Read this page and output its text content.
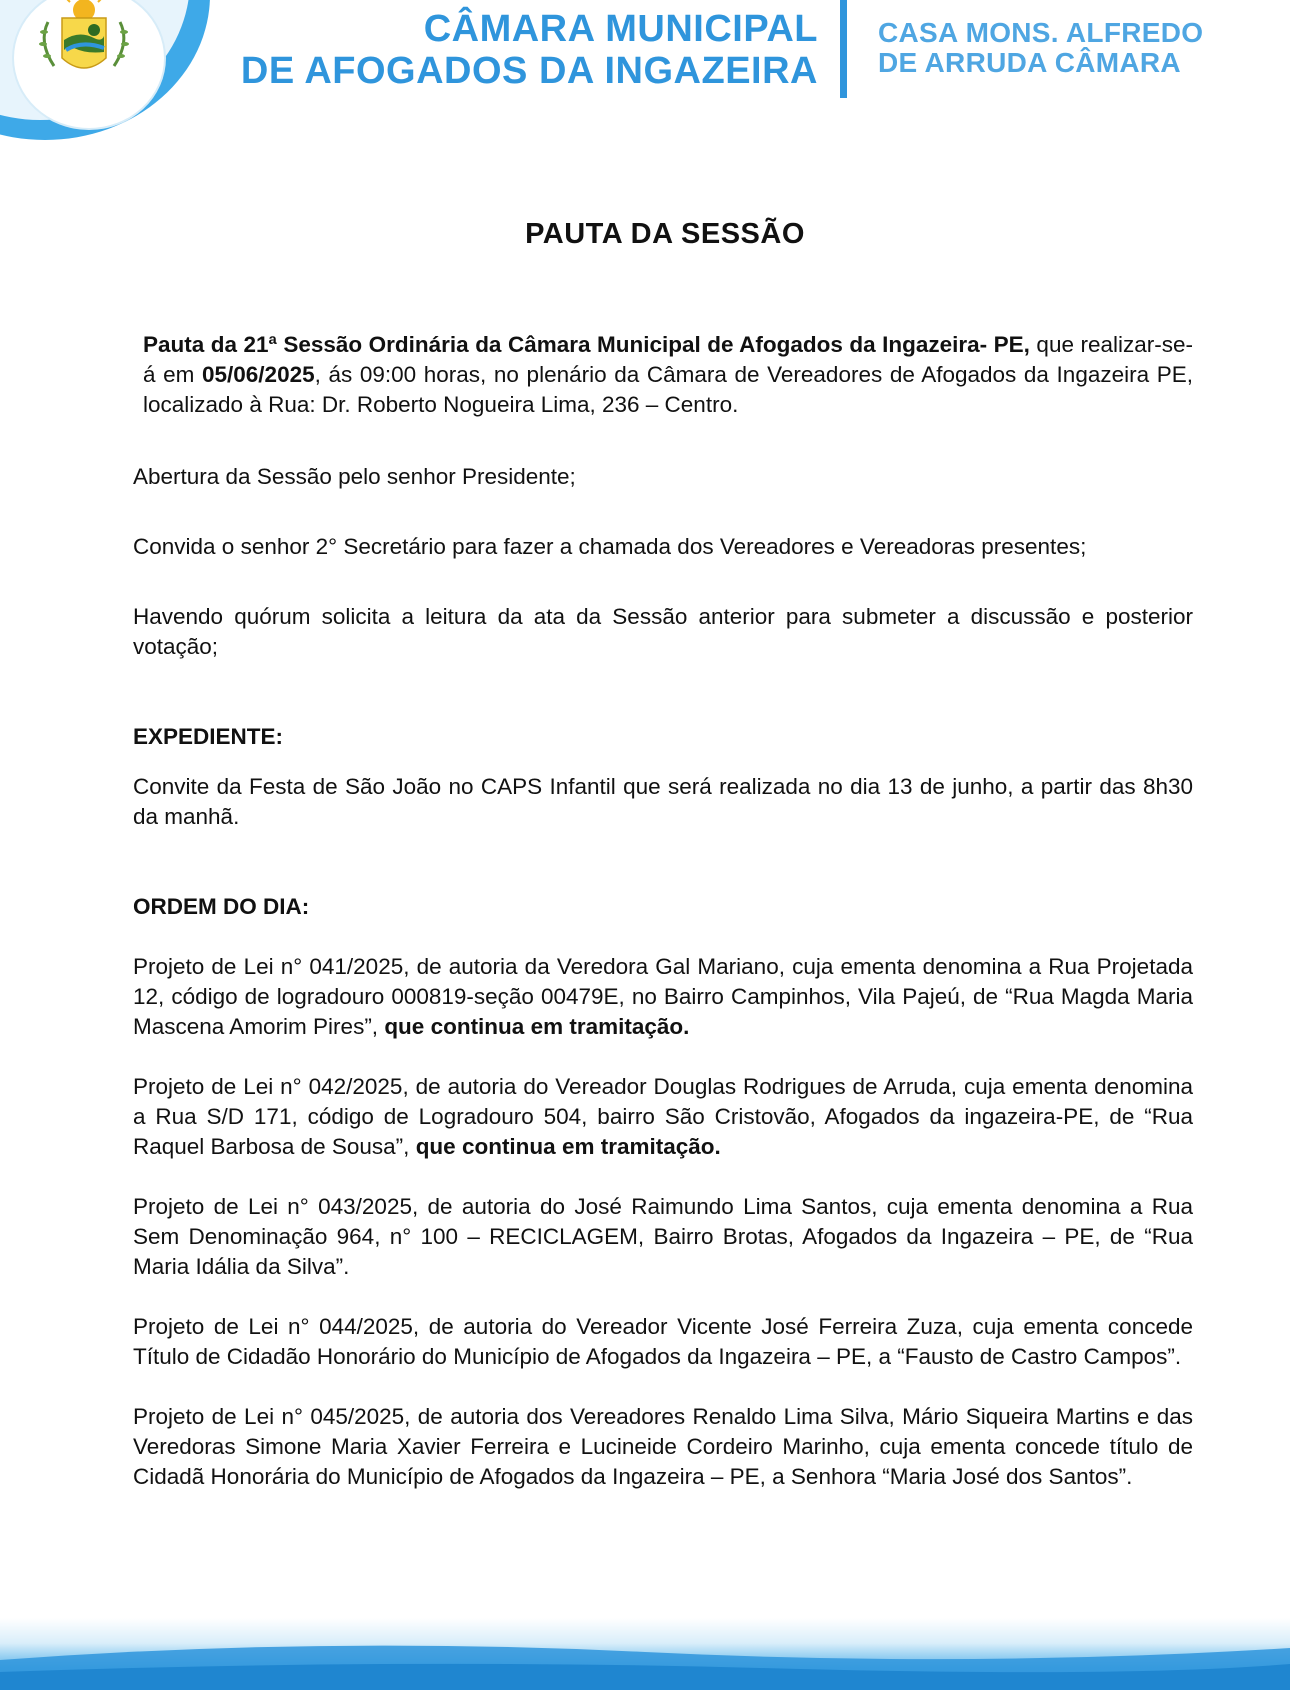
CÂMARA MUNICIPAL
DE AFOGADOS DA INGAZEIRA
CASA MONS. ALFREDO
DE ARRUDA CÂMARA
PAUTA DA SESSÃO

Pauta da 21ª Sessão Ordinária da Câmara Municipal de Afogados da Ingazeira- PE, que realizar-se-á em 05/06/2025, ás 09:00 horas, no plenário da Câmara de Vereadores de Afogados da Ingazeira PE, localizado à Rua: Dr. Roberto Nogueira Lima, 236 – Centro.

Abertura da Sessão pelo senhor Presidente;

Convida o senhor 2° Secretário para fazer a chamada dos Vereadores e Vereadoras presentes;

Havendo quórum solicita a leitura da ata da Sessão anterior para submeter a discussão e posterior votação;

EXPEDIENTE:

Convite da Festa de São João no CAPS Infantil que será realizada no dia 13 de junho, a partir das 8h30 da manhã.

ORDEM DO DIA:

Projeto de Lei n° 041/2025, de autoria da Veredora Gal Mariano, cuja ementa denomina a Rua Projetada 12, código de logradouro 000819-seção 00479E, no Bairro Campinhos, Vila Pajeú, de “Rua Magda Maria Mascena Amorim Pires”, que continua em tramitação.

Projeto de Lei n° 042/2025, de autoria do Vereador Douglas Rodrigues de Arruda, cuja ementa denomina a Rua S/D 171, código de Logradouro 504, bairro São Cristovão, Afogados da ingazeira-PE, de “Rua Raquel Barbosa de Sousa”, que continua em tramitação.

Projeto de Lei n° 043/2025, de autoria do José Raimundo Lima Santos, cuja ementa denomina a Rua Sem Denominação 964, n° 100 – RECICLAGEM, Bairro Brotas, Afogados da Ingazeira – PE, de “Rua Maria Idália da Silva”.

Projeto de Lei n° 044/2025, de autoria do Vereador Vicente José Ferreira Zuza, cuja ementa concede Título de Cidadão Honorário do Município de Afogados da Ingazeira – PE, a “Fausto de Castro Campos”.

Projeto de Lei n° 045/2025, de autoria dos Vereadores Renaldo Lima Silva, Mário Siqueira Martins e das Veredoras Simone Maria Xavier Ferreira e Lucineide Cordeiro Marinho, cuja ementa concede título de Cidadã Honorária do Município de Afogados da Ingazeira – PE, a Senhora “Maria José dos Santos”.
